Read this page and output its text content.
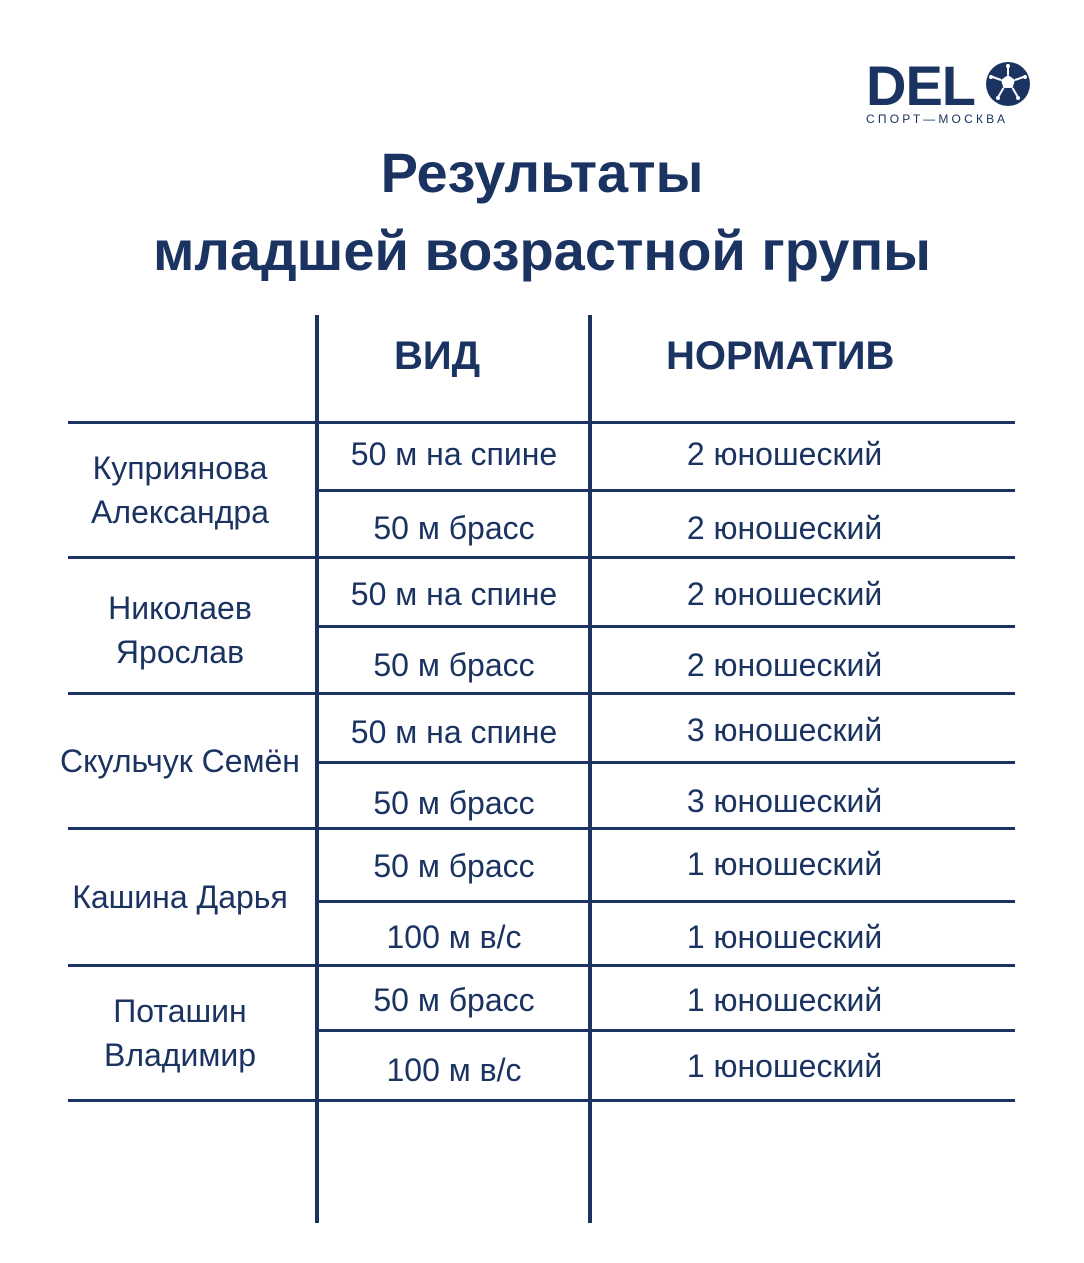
DEL
СПОРТ—МОСКВА
Результаты
младшей возрастной групы
ВИД	НОРМАТИВ
Куприянова Александра
50 м на спине	2 юношеский
50 м брасс	2 юношеский
Николаев Ярослав
50 м на спине	2 юношеский
50 м брасс	2 юношеский
Скульчук Семён
50 м на спине	3 юношеский
50 м брасс	3 юношеский
Кашина Дарья
50 м брасс	1 юношеский
100 м в/с	1 юношеский
Поташин Владимир
50 м брасс	1 юношеский
100 м в/с	1 юношеский
